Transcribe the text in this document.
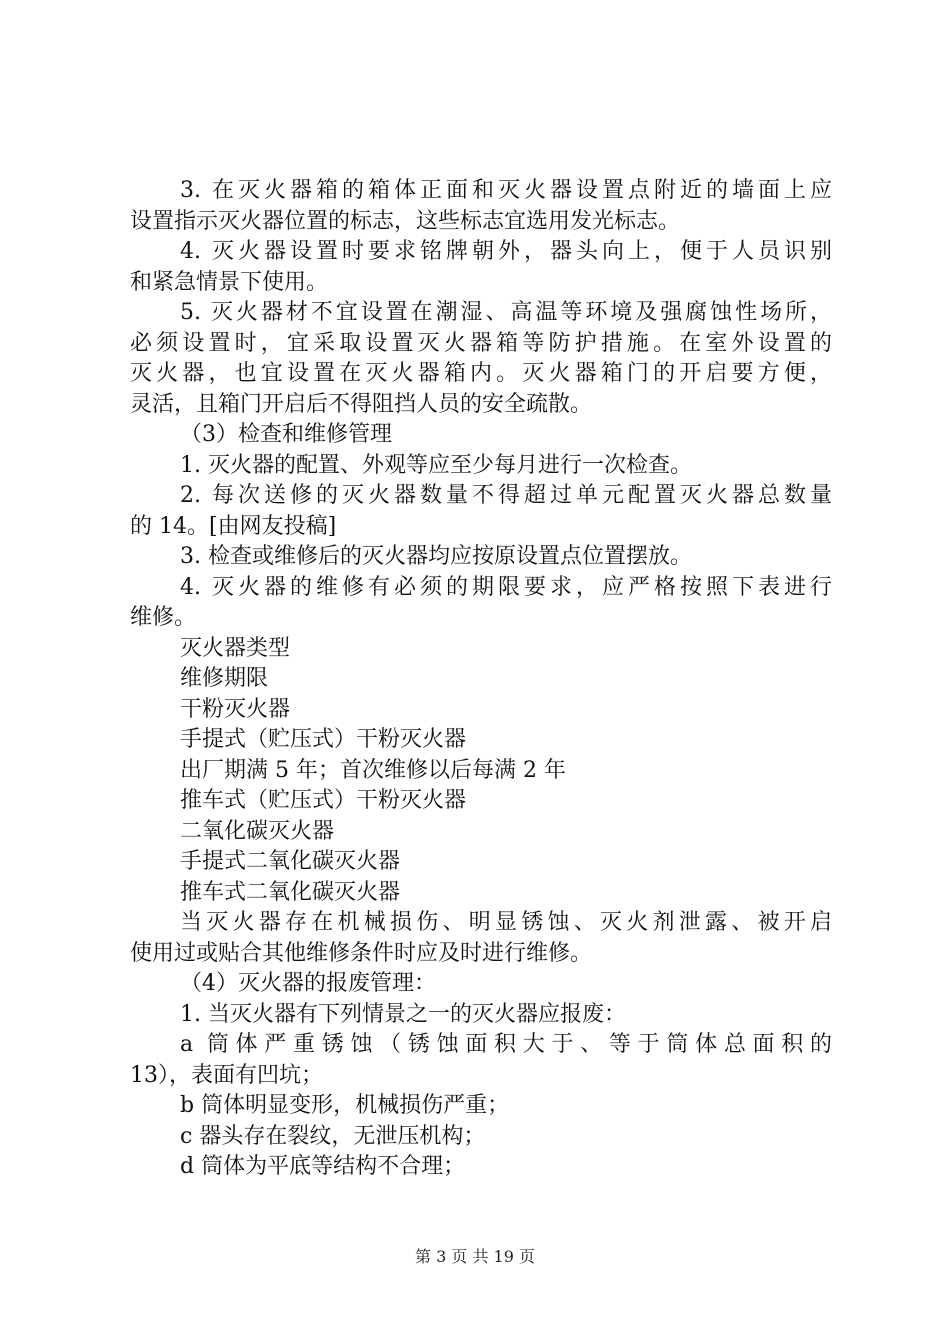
3. 在灭火器箱的箱体正面和灭火器设置点附近的墙面上应
设置指示灭火器位置的标志，这些标志宜选用发光标志。
4. 灭火器设置时要求铭牌朝外，器头向上，便于人员识别
和紧急情景下使用。
5. 灭火器材不宜设置在潮湿、高温等环境及强腐蚀性场所，
必须设置时，宜采取设置灭火器箱等防护措施。在室外设置的
灭火器，也宜设置在灭火器箱内。灭火器箱门的开启要方便，
灵活，且箱门开启后不得阻挡人员的安全疏散。
（3）检查和维修管理
1. 灭火器的配置、外观等应至少每月进行一次检查。
2. 每次送修的灭火器数量不得超过单元配置灭火器总数量
的 14。[由网友投稿]
3. 检查或维修后的灭火器均应按原设置点位置摆放。
4. 灭火器的维修有必须的期限要求，应严格按照下表进行
维修。
灭火器类型
维修期限
干粉灭火器
手提式（贮压式）干粉灭火器
出厂期满 5 年；首次维修以后每满 2 年
推车式（贮压式）干粉灭火器
二氧化碳灭火器
手提式二氧化碳灭火器
推车式二氧化碳灭火器
当灭火器存在机械损伤、明显锈蚀、灭火剂泄露、被开启
使用过或贴合其他维修条件时应及时进行维修。
（4）灭火器的报废管理：
1. 当灭火器有下列情景之一的灭火器应报废：
a 筒体严重锈蚀（锈蚀面积大于、等于筒体总面积的
13），表面有凹坑；
b 筒体明显变形，机械损伤严重；
c 器头存在裂纹，无泄压机构；
d 筒体为平底等结构不合理；
第 3 页 共 19 页
